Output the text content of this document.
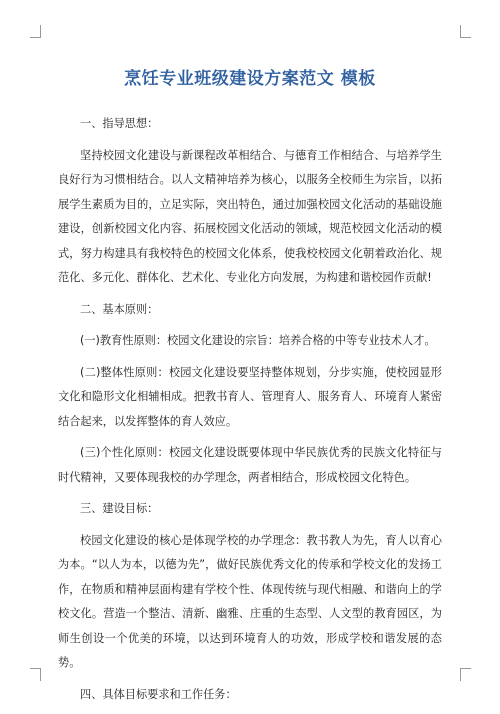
烹饪专业班级建设方案范文 模板

一、指导思想：

坚持校园文化建设与新课程改革相结合、与德育工作相结合、与培养学生良好行为习惯相结合。以人文精神培养为核心，以服务全校师生为宗旨，以拓展学生素质为目的，立足实际，突出特色，通过加强校园文化活动的基础设施建设，创新校园文化内容、拓展校园文化活动的领域，规范校园文化活动的模式，努力构建具有我校特色的校园文化体系，使我校校园文化朝着政治化、规范化、多元化、群体化、艺术化、专业化方向发展，为构建和谐校园作贡献!

二、基本原则：

(一)教育性原则：校园文化建设的宗旨：培养合格的中等专业技术人才。

(二)整体性原则：校园文化建设要坚持整体规划，分步实施，使校园显形文化和隐形文化相辅相成。把教书育人、管理育人、服务育人、环境育人紧密结合起来，以发挥整体的育人效应。

(三)个性化原则：校园文化建设既要体现中华民族优秀的民族文化特征与时代精神，又要体现我校的办学理念，两者相结合，形成校园文化特色。

三、建设目标：

校园文化建设的核心是体现学校的办学理念：教书教人为先，育人以育心为本。“以人为本，以德为先”，做好民族优秀文化的传承和学校文化的发扬工作，在物质和精神层面构建有学校个性、体现传统与现代相融、和谐向上的学校文化。营造一个整洁、清新、幽雅、庄重的生态型、人文型的教育园区，为师生创设一个优美的环境，以达到环境育人的功效，形成学校和谐发展的态势。

四、具体目标要求和工作任务：
